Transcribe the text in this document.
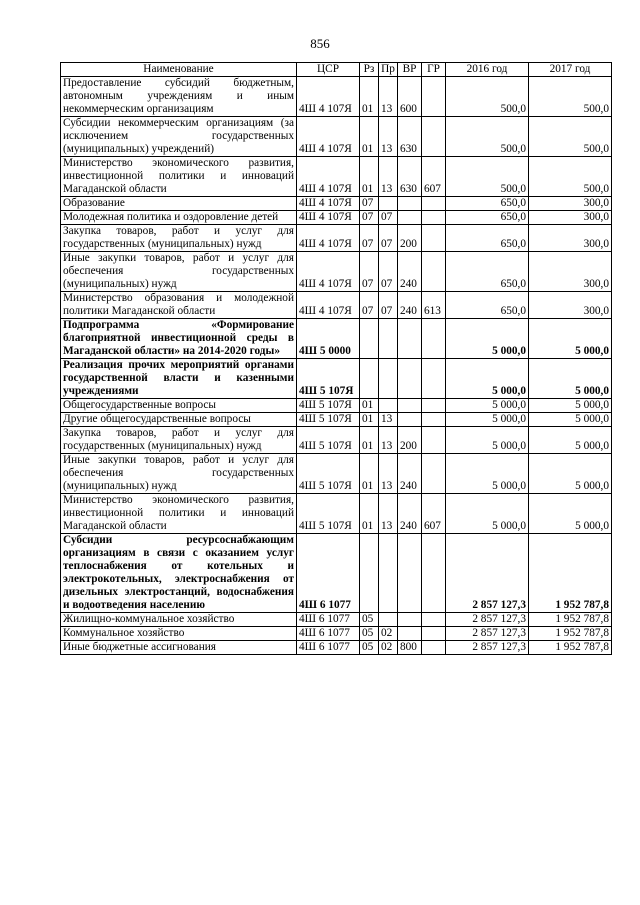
856
Наименование	ЦСР	Рз	Пр	ВР	ГР	2016 год	2017 год
Предоставление субсидий бюджетным, автономным учреждениям и иным некоммерческим организациям	4Ш 4 107Я	01	13	600		500,0	500,0
Субсидии некоммерческим организациям (за исключением государственных (муниципальных) учреждений)	4Ш 4 107Я	01	13	630		500,0	500,0
Министерство экономического развития, инвестиционной политики и инноваций Магаданской области	4Ш 4 107Я	01	13	630	607	500,0	500,0
Образование	4Ш 4 107Я	07				650,0	300,0
Молодежная политика и оздоровление детей	4Ш 4 107Я	07	07			650,0	300,0
Закупка товаров, работ и услуг для государственных (муниципальных) нужд	4Ш 4 107Я	07	07	200		650,0	300,0
Иные закупки товаров, работ и услуг для обеспечения государственных (муниципальных) нужд	4Ш 4 107Я	07	07	240		650,0	300,0
Министерство образования и молодежной политики Магаданской области	4Ш 4 107Я	07	07	240	613	650,0	300,0
Подпрограмма «Формирование благоприятной инвестиционной среды в Магаданской области» на 2014-2020 годы»	4Ш 5 0000					5 000,0	5 000,0
Реализация прочих мероприятий органами государственной власти и казенными учреждениями	4Ш 5 107Я					5 000,0	5 000,0
Общегосударственные вопросы	4Ш 5 107Я	01				5 000,0	5 000,0
Другие общегосударственные вопросы	4Ш 5 107Я	01	13			5 000,0	5 000,0
Закупка товаров, работ и услуг для государственных (муниципальных) нужд	4Ш 5 107Я	01	13	200		5 000,0	5 000,0
Иные закупки товаров, работ и услуг для обеспечения государственных (муниципальных) нужд	4Ш 5 107Я	01	13	240		5 000,0	5 000,0
Министерство экономического развития, инвестиционной политики и инноваций Магаданской области	4Ш 5 107Я	01	13	240	607	5 000,0	5 000,0
Субсидии ресурсоснабжающим организациям в связи с оказанием услуг теплоснабжения от котельных и электрокотельных, электроснабжения от дизельных электростанций, водоснабжения и водоотведения населению	4Ш 6 1077					2 857 127,3	1 952 787,8
Жилищно-коммунальное хозяйство	4Ш 6 1077	05				2 857 127,3	1 952 787,8
Коммунальное хозяйство	4Ш 6 1077	05	02			2 857 127,3	1 952 787,8
Иные бюджетные ассигнования	4Ш 6 1077	05	02	800		2 857 127,3	1 952 787,8
